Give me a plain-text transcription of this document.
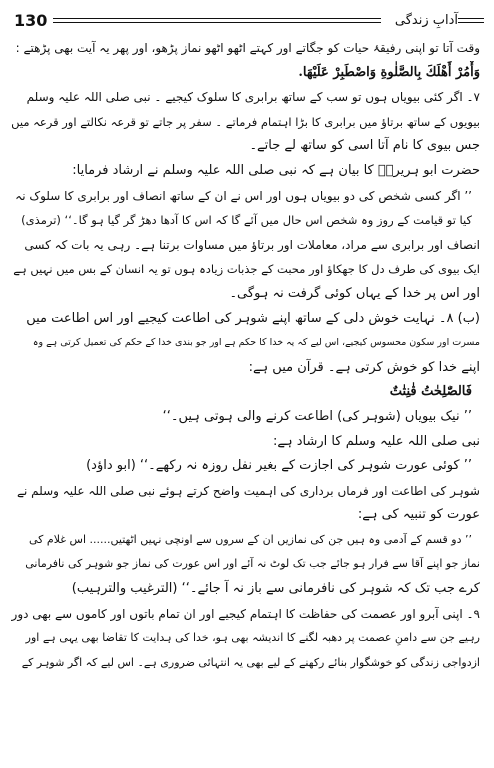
130	آدابِ زندگی
وقت آتا تو اپنی رفیقۂ حیات کو جگاتے اور کہتے اٹھو اٹھو نماز پڑھو، اور پھر یہ آیت بھی پڑھتے :
وَأْمُرْ أَهْلَكَ بِالصَّلٰوةِ وَاصْطَبِرْ عَلَيْهَا.
۷۔ اگر کئی بیویاں ہوں تو سب کے ساتھ برابری کا سلوک کیجیے ۔ نبی صلی اللہ علیہ وسلم
بیویوں کے ساتھ برتاؤ میں برابری کا بڑا اہتمام فرماتے ۔ سفر پر جاتے تو قرعہ نکالتے اور قرعہ میں
جس بیوی کا نام آتا اسی کو ساتھ لے جاتے۔
حضرت ابو ہریرہؓ کا بیان ہے کہ نبی صلی اللہ علیہ وسلم نے ارشاد فرمایا:
’’ اگر کسی شخص کی دو بیویاں ہوں اور اس نے ان کے ساتھ انصاف اور برابری کا سلوک نہ
کیا تو قیامت کے روز وہ شخص اس حال میں آئے گا کہ اس کا آدھا دھڑ گر گیا ہو گا۔‘‘ (ترمذی)
انصاف اور برابری سے مراد، معاملات اور برتاؤ میں مساوات برتنا ہے۔ رہی یہ بات کہ کسی
ایک بیوی کی طرف دل کا جھکاؤ اور محبت کے جذبات زیادہ ہوں تو یہ انسان کے بس میں نہیں ہے
اور اس پر خدا کے یہاں کوئی گرفت نہ ہوگی۔
(ب) ۸۔ نہایت خوش دلی کے ساتھ اپنے شوہر کی اطاعت کیجیے اور اس اطاعت میں
مسرت اور سکون محسوس کیجیے، اس لیے کہ یہ خدا کا حکم ہے اور جو بندی خدا کے حکم کی تعمیل کرتی ہے وہ
اپنے خدا کو خوش کرتی ہے۔ قرآن میں ہے:
فَالصّٰلِحٰتُ قٰنِتٰتٌ
’’ نیک بیویاں (شوہر کی) اطاعت کرنے والی ہوتی ہیں۔‘‘
نبی صلی اللہ علیہ وسلم کا ارشاد ہے:
’’ کوئی عورت شوہر کی اجازت کے بغیر نفل روزہ نہ رکھے۔‘‘ (ابو داؤد)
شوہر کی اطاعت اور فرماں برداری کی اہمیت واضح کرتے ہوئے نبی صلی اللہ علیہ وسلم نے
عورت کو تنبیہ کی ہے:
’’ دو قسم کے آدمی وہ ہیں جن کی نمازیں ان کے سروں سے اونچی نہیں اٹھتیں...... اس غلام کی
نماز جو اپنے آقا سے فرار ہو جائے جب تک لوٹ نہ آئے اور اس عورت کی نماز جو شوہر کی نافرمانی
کرے جب تک کہ شوہر کی نافرمانی سے باز نہ آ جائے۔‘‘ (الترغیب والترہیب)
۹۔ اپنی آبرو اور عصمت کی حفاظت کا اہتمام کیجیے اور ان تمام باتوں اور کاموں سے بھی دور
رہیے جن سے دامنِ عصمت پر دھبہ لگنے کا اندیشہ بھی ہو، خدا کی ہدایت کا تقاضا بھی یہی ہے اور
ازدواجی زندگی کو خوشگوار بنائے رکھنے کے لیے بھی یہ انتہائی ضروری ہے۔ اس لیے کہ اگر شوہر کے
